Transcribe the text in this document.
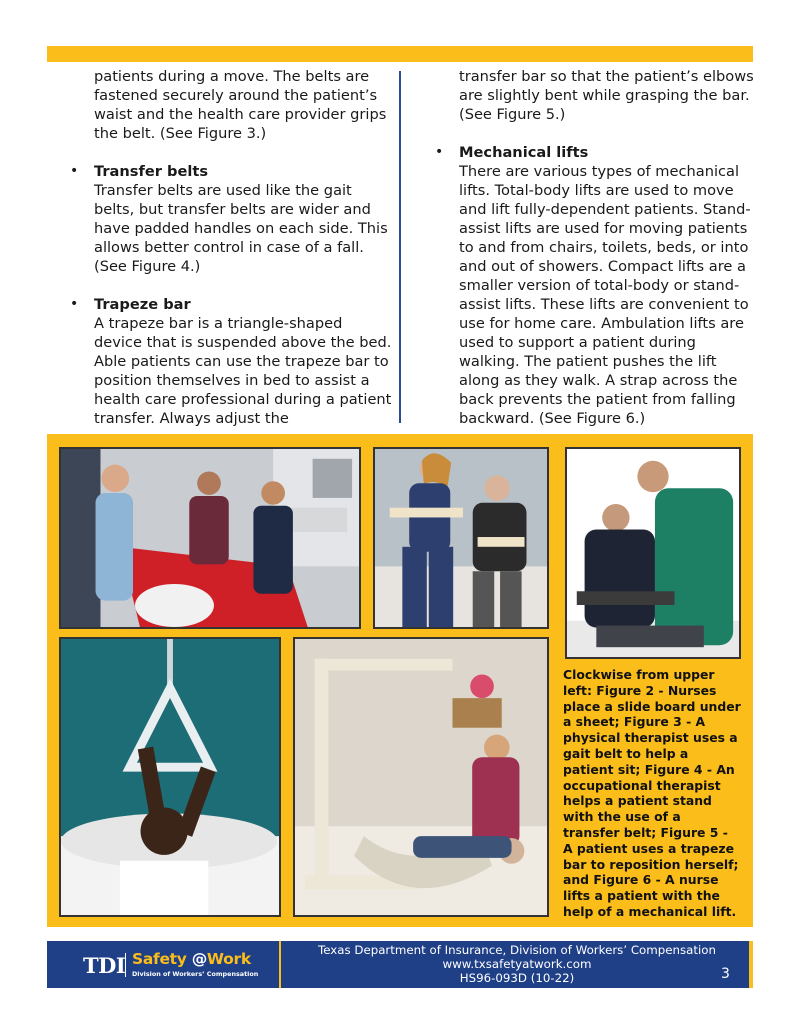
patients during a move. The belts are fastened securely around the patient’s waist and the health care provider grips the belt. (See Figure 3.)

• Transfer belts

Transfer belts are used like the gait belts, but transfer belts are wider and have padded handles on each side. This allows better control in case of a fall. (See Figure 4.)

• Trapeze bar

A trapeze bar is a triangle-shaped device that is suspended above the bed. Able patients can use the trapeze bar to position themselves in bed to assist a health care professional during a patient transfer. Always adjust the

transfer bar so that the patient’s elbows are slightly bent while grasping the bar. (See Figure 5.)

• Mechanical lifts

There are various types of mechanical lifts. Total-body lifts are used to move and lift fully-dependent patients. Stand-assist lifts are used for moving patients to and from chairs, toilets, beds, or into and out of showers. Compact lifts are a smaller version of total-body or stand-assist lifts. These lifts are convenient to use for home care. Ambulation lifts are used to support a patient during walking. The patient pushes the lift along as they walk. A strap across the back prevents the patient from falling backward. (See Figure 6.)

Clockwise from upper left: Figure 2 - Nurses place a slide board under a sheet; Figure 3 - A physical therapist uses a gait belt to help a patient sit; Figure 4 - An occupational therapist helps a patient stand with the use of a transfer belt; Figure 5 - A patient uses a trapeze bar to reposition herself; and Figure 6 - A nurse lifts a patient with the help of a mechanical lift.
TDI Safety @Work
Division of Workers’ Compensation
Texas Department of Insurance, Division of Workers’ Compensation
www.txsafetyatwork.com
HS96-093D (10-22)	3
